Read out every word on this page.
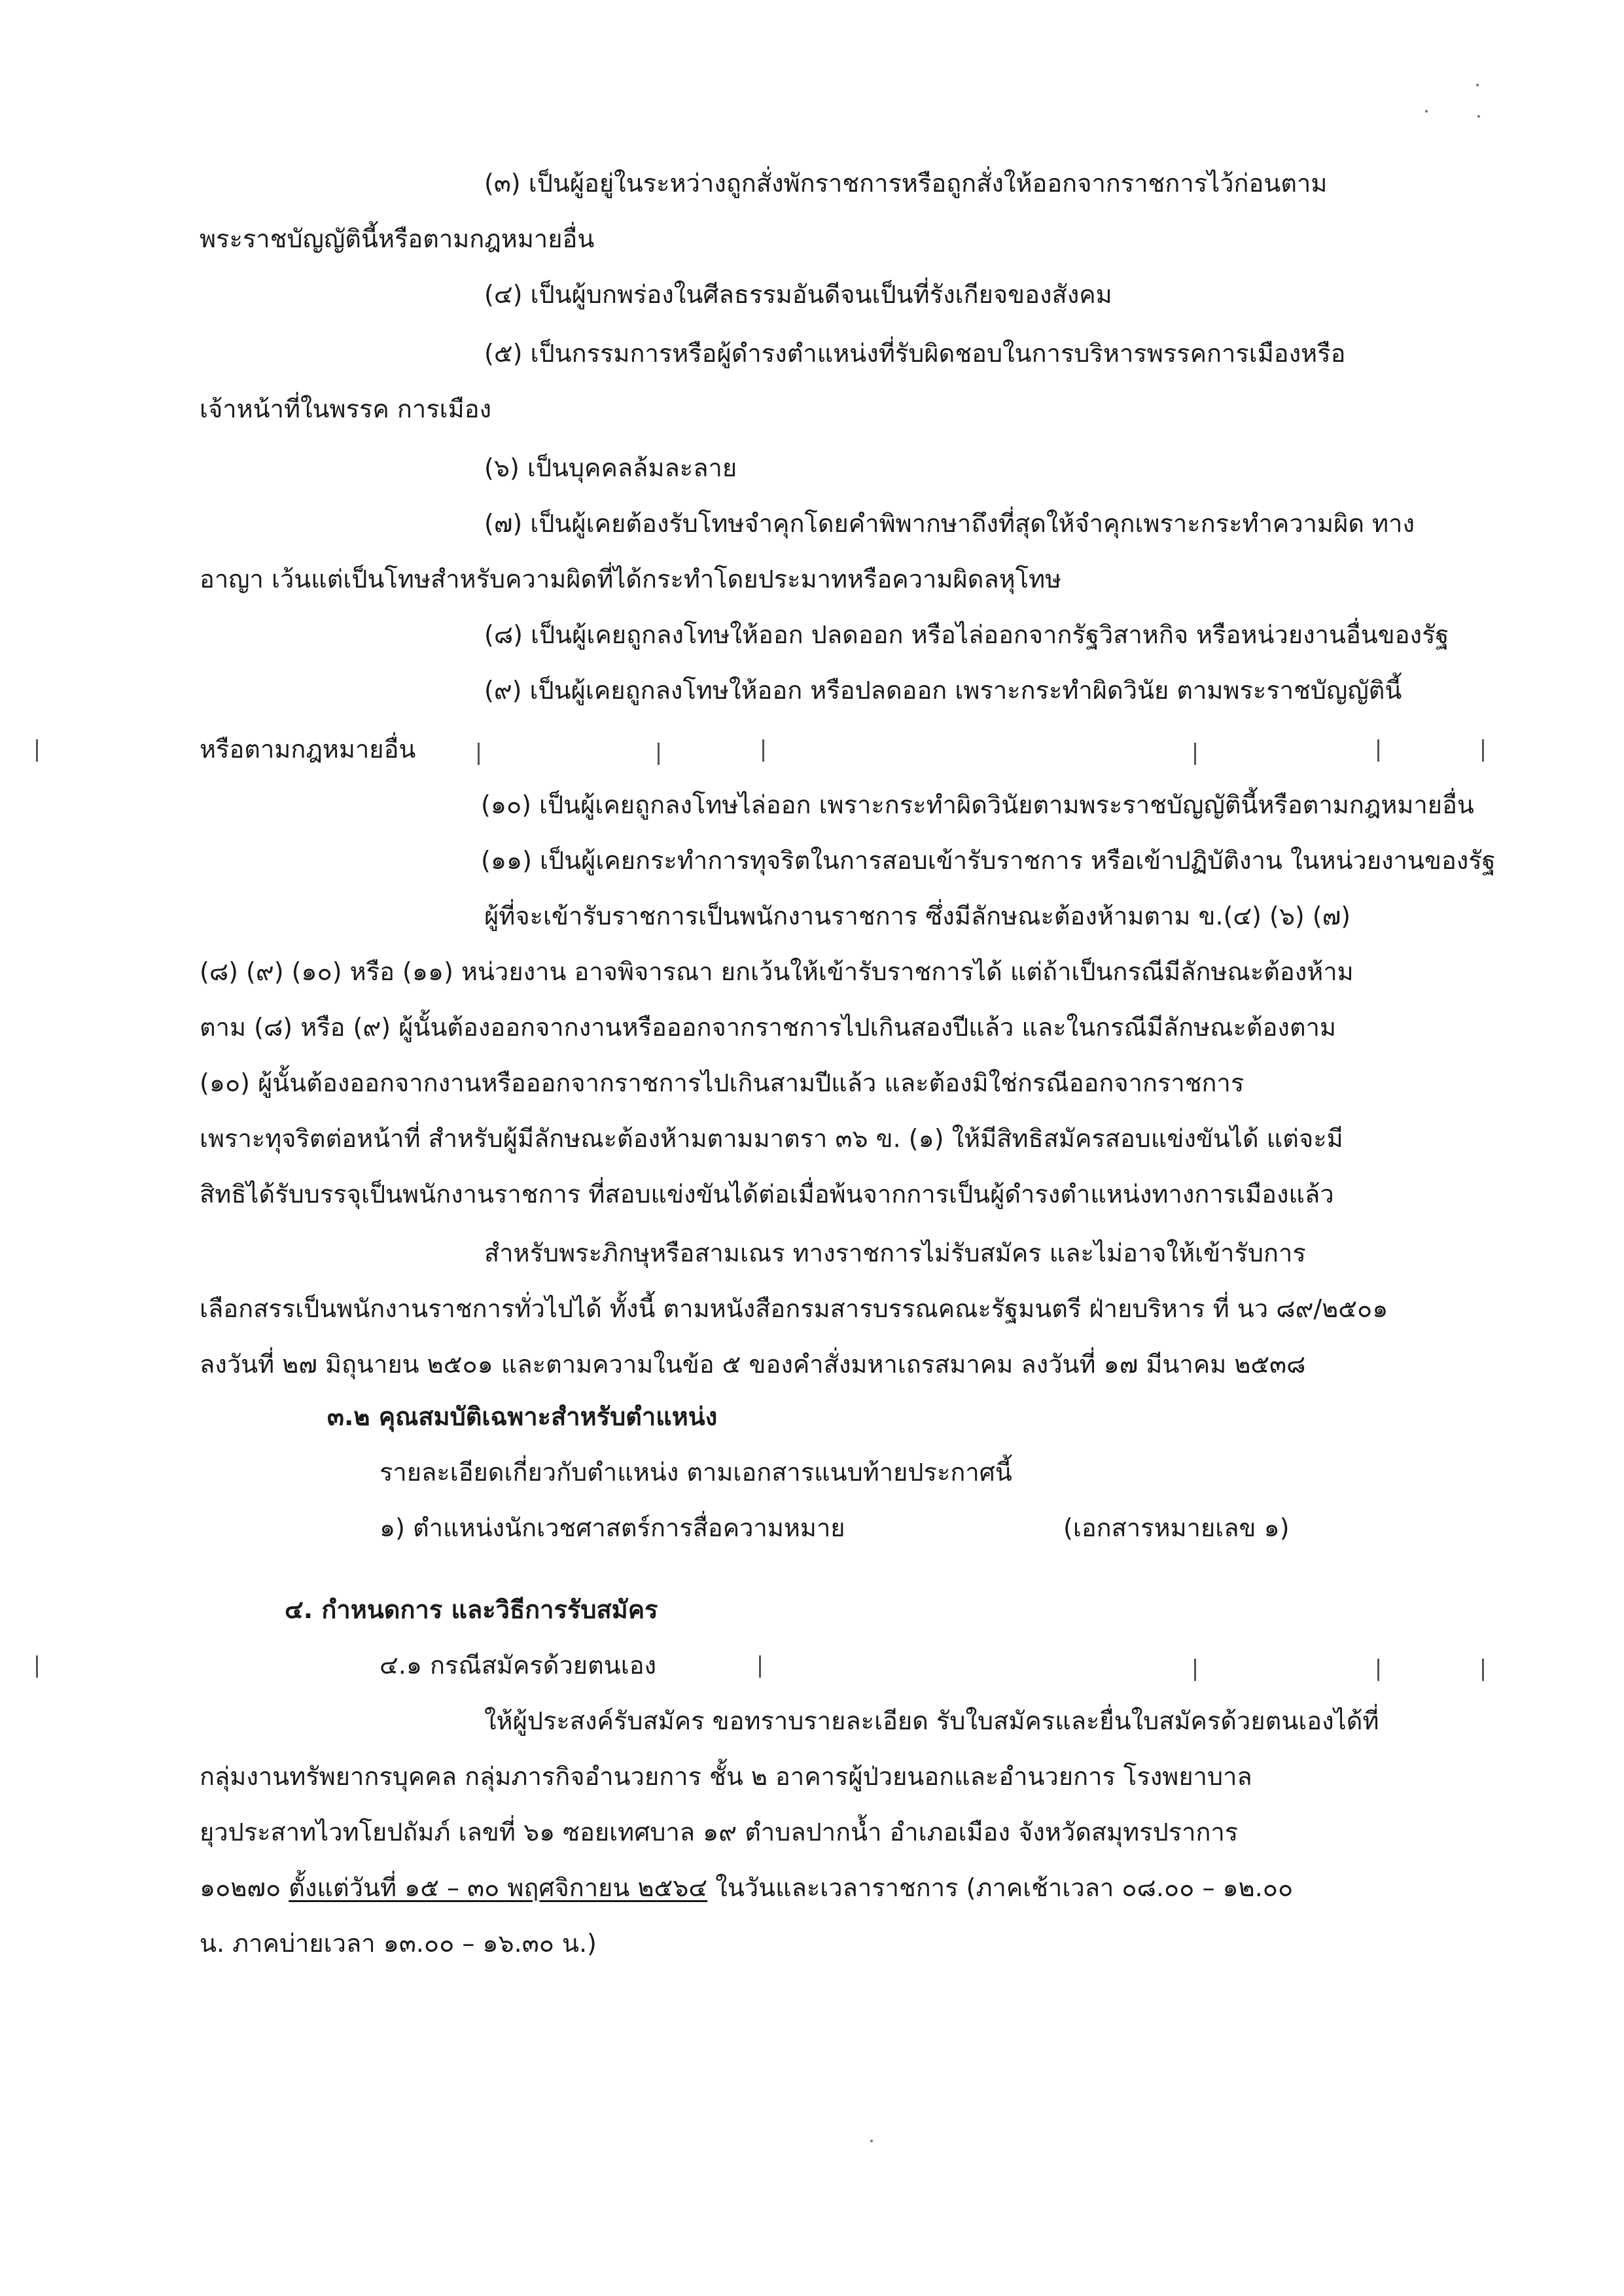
(๓) เป็นผู้อยู่ในระหว่างถูกสั่งพักราชการหรือถูกสั่งให้ออกจากราชการไว้ก่อนตาม
พระราชบัญญัตินี้หรือตามกฎหมายอื่น
(๔) เป็นผู้บกพร่องในศีลธรรมอันดีจนเป็นที่รังเกียจของสังคม
(๕) เป็นกรรมการหรือผู้ดำรงตำแหน่งที่รับผิดชอบในการบริหารพรรคการเมืองหรือ
เจ้าหน้าที่ในพรรค การเมือง
(๖) เป็นบุคคลล้มละลาย
(๗) เป็นผู้เคยต้องรับโทษจำคุกโดยคำพิพากษาถึงที่สุดให้จำคุกเพราะกระทำความผิด ทาง
อาญา เว้นแต่เป็นโทษสำหรับความผิดที่ได้กระทำโดยประมาทหรือความผิดลหุโทษ
(๘) เป็นผู้เคยถูกลงโทษให้ออก ปลดออก หรือไล่ออกจากรัฐวิสาหกิจ หรือหน่วยงานอื่นของรัฐ
(๙) เป็นผู้เคยถูกลงโทษให้ออก หรือปลดออก เพราะกระทำผิดวินัย ตามพระราชบัญญัตินี้
หรือตามกฎหมายอื่น
(๑๐) เป็นผู้เคยถูกลงโทษไล่ออก เพราะกระทำผิดวินัยตามพระราชบัญญัตินี้หรือตามกฎหมายอื่น
(๑๑) เป็นผู้เคยกระทำการทุจริตในการสอบเข้ารับราชการ หรือเข้าปฏิบัติงาน ในหน่วยงานของรัฐ
ผู้ที่จะเข้ารับราชการเป็นพนักงานราชการ ซึ่งมีลักษณะต้องห้ามตาม ข.(๔) (๖) (๗)
(๘) (๙) (๑๐) หรือ (๑๑) หน่วยงาน อาจพิจารณา ยกเว้นให้เข้ารับราชการได้ แต่ถ้าเป็นกรณีมีลักษณะต้องห้าม
ตาม (๘) หรือ (๙) ผู้นั้นต้องออกจากงานหรือออกจากราชการไปเกินสองปีแล้ว และในกรณีมีลักษณะต้องตาม
(๑๐) ผู้นั้นต้องออกจากงานหรือออกจากราชการไปเกินสามปีแล้ว และต้องมิใช่กรณีออกจากราชการ
เพราะทุจริตต่อหน้าที่ สำหรับผู้มีลักษณะต้องห้ามตามมาตรา ๓๖ ข. (๑) ให้มีสิทธิสมัครสอบแข่งขันได้ แต่จะมี
สิทธิได้รับบรรจุเป็นพนักงานราชการ ที่สอบแข่งขันได้ต่อเมื่อพ้นจากการเป็นผู้ดำรงตำแหน่งทางการเมืองแล้ว
สำหรับพระภิกษุหรือสามเณร ทางราชการไม่รับสมัคร และไม่อาจให้เข้ารับการ
เลือกสรรเป็นพนักงานราชการทั่วไปได้ ทั้งนี้ ตามหนังสือกรมสารบรรณคณะรัฐมนตรี ฝ่ายบริหาร ที่ นว ๘๙/๒๕๐๑
ลงวันที่ ๒๗ มิถุนายน ๒๕๐๑ และตามความในข้อ ๕ ของคำสั่งมหาเถรสมาคม ลงวันที่ ๑๗ มีนาคม ๒๕๓๘
๓.๒ คุณสมบัติเฉพาะสำหรับตำแหน่ง
รายละเอียดเกี่ยวกับตำแหน่ง ตามเอกสารแนบท้ายประกาศนี้
๑) ตำแหน่งนักเวชศาสตร์การสื่อความหมาย	(เอกสารหมายเลข ๑)
๔. กำหนดการ และวิธีการรับสมัคร
๔.๑ กรณีสมัครด้วยตนเอง
ให้ผู้ประสงค์รับสมัคร ขอทราบรายละเอียด รับใบสมัครและยื่นใบสมัครด้วยตนเองได้ที่
กลุ่มงานทรัพยากรบุคคล กลุ่มภารกิจอำนวยการ ชั้น ๒ อาคารผู้ป่วยนอกและอำนวยการ โรงพยาบาล
ยุวประสาทไวทโยปถัมภ์ เลขที่ ๖๑ ซอยเทศบาล ๑๙ ตำบลปากน้ำ อำเภอเมือง จังหวัดสมุทรปราการ
๑๐๒๗๐ ตั้งแต่วันที่ ๑๕ – ๓๐ พฤศจิกายน ๒๕๖๔ ในวันและเวลาราชการ (ภาคเช้าเวลา ๐๘.๐๐ – ๑๒.๐๐
น. ภาคบ่ายเวลา ๑๓.๐๐ – ๑๖.๓๐ น.)
